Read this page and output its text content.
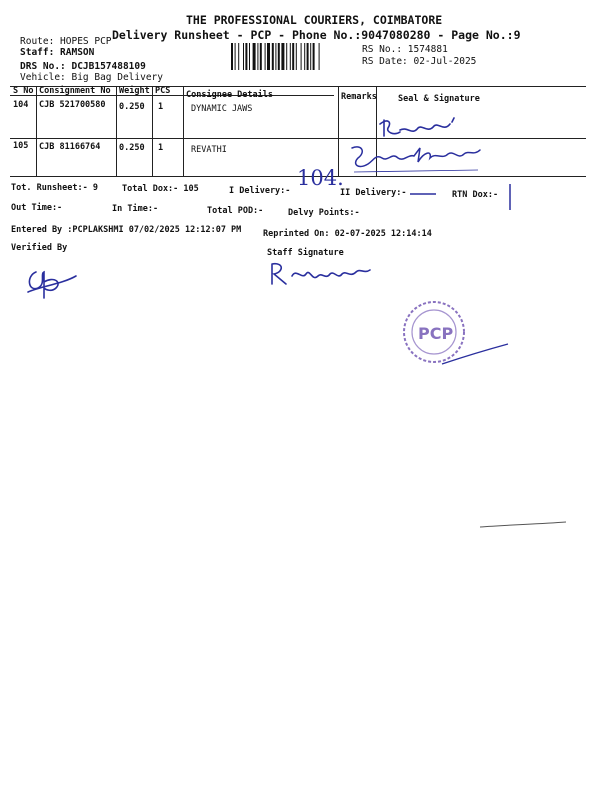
THE PROFESSIONAL COURIERS, COIMBATORE
Delivery Runsheet - PCP - Phone No.:9047080280 - Page No.:9
Route: HOPES PCP
Staff: RAMSON
DRS No.: DCJB157488109
Vehicle: Big Bag Delivery
RS No.: 1574881
RS Date: 02-Jul-2025
S No Consignment No Weight PCS Consignee Details	Remarks Seal & Signature
104 CJB 521700580 0.250 1	DYNAMIC JAWS
105 CJB 81166764 0.250 1	REVATHI
Tot. Runsheet:- 9	Total Dox:- 105	I Delivery:-	II Delivery:-	RTN Dox:-
Out Time:-	In Time:-	Total POD:-	Delvy Points:-
Entered By :PCPLAKSHMI 07/02/2025 12:12:07 PM	Reprinted On: 02-07-2025 12:14:14
Verified By	Staff Signature
104.
PCP
